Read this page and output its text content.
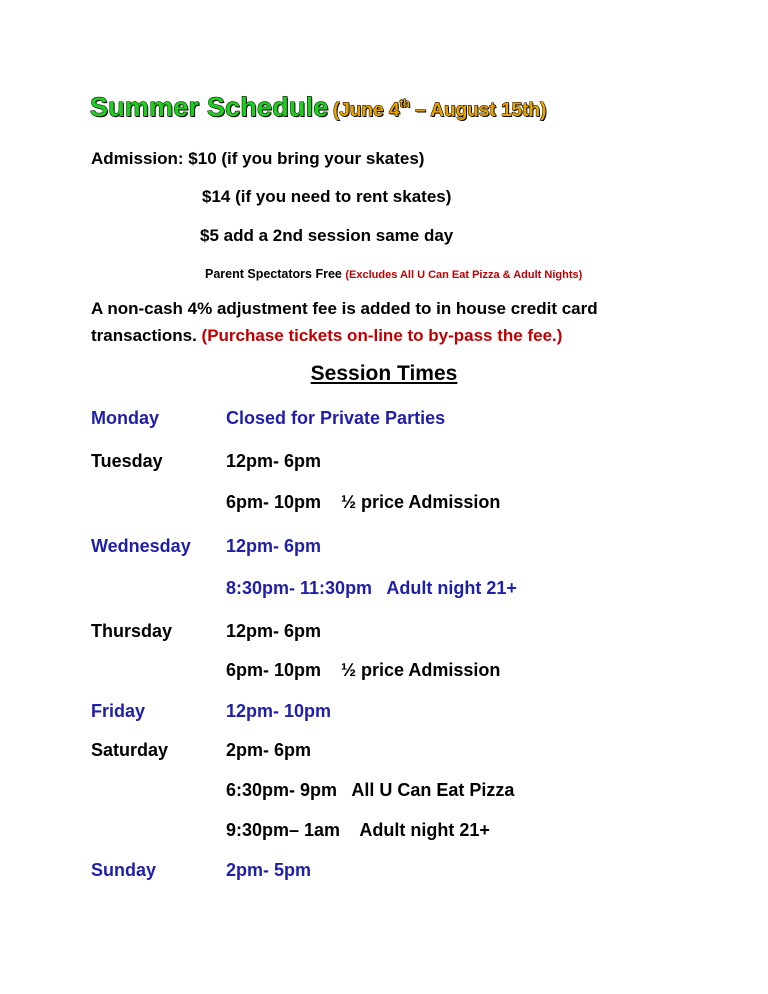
Summer Schedule (June 4th – August 15th)
Admission: $10 (if you bring your skates)
$14 (if you need to rent skates)
$5 add a 2nd session same day
Parent Spectators Free (Excludes All U Can Eat Pizza & Adult Nights)
A non-cash 4% adjustment fee is added to in house credit card
transactions. (Purchase tickets on-line to by-pass the fee.)
Session Times
Monday	Closed for Private Parties
Tuesday	12pm- 6pm
6pm- 10pm    ½ price Admission
Wednesday 12pm- 6pm
8:30pm- 11:30pm   Adult night 21+
Thursday	12pm- 6pm
6pm- 10pm    ½ price Admission
Friday	12pm- 10pm
Saturday	2pm- 6pm
6:30pm- 9pm   All U Can Eat Pizza
9:30pm– 1am    Adult night 21+
Sunday	2pm- 5pm
